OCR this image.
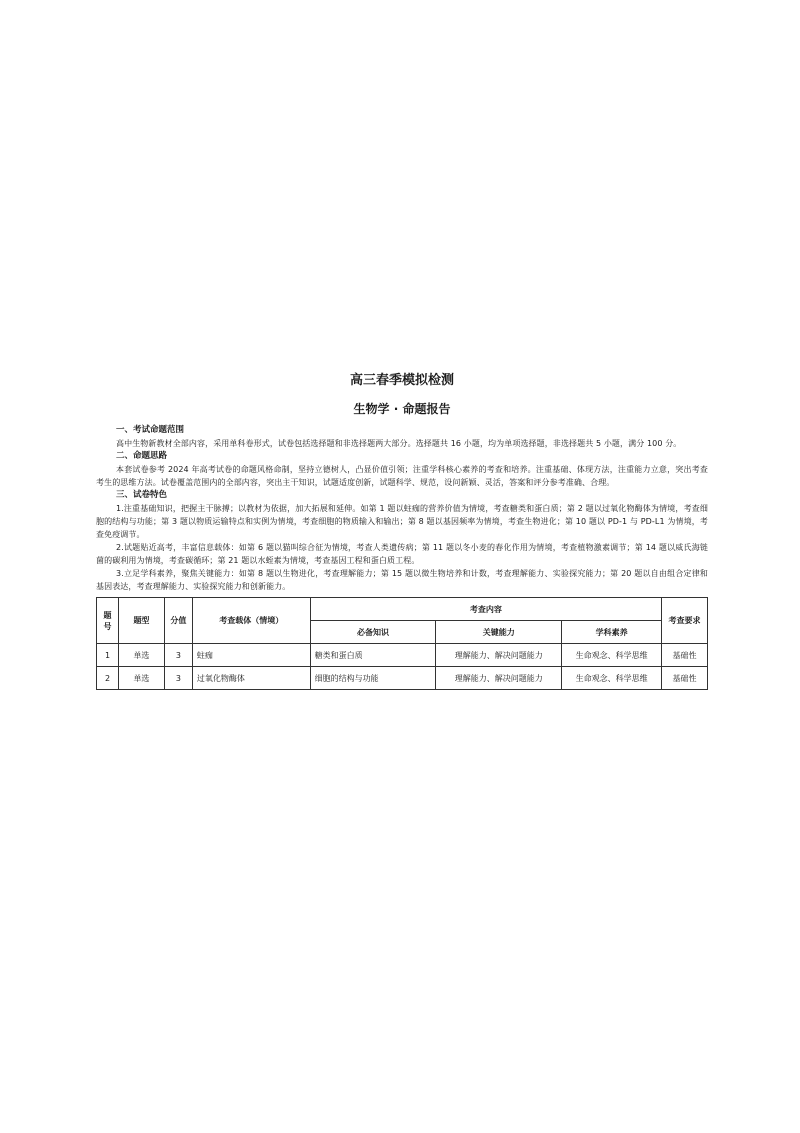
高三春季模拟检测
生物学 · 命题报告

一、考试命题范围

高中生物新教材全部内容，采用单科卷形式，试卷包括选择题和非选择题两大部分。选择题共 16 小题，均为单项选择题，非选择题共 5 小题，满分 100 分。

二、命题思路

本套试卷参考 2024 年高考试卷的命题风格命制，坚持立德树人，凸显价值引领；注重学科核心素养的考查和培养。注重基础、体现方法，注重能力立意，突出考查考生的思维方法。试卷覆盖范围内的全部内容，突出主干知识，试题适度创新，试题科学、规范，设问新颖、灵活，答案和评分参考准确、合理。

三、试卷特色

1.注重基础知识，把握主干脉搏；以教材为依据，加大拓展和延伸。如第 1 题以蛀痂的营养价值为情境，考查糖类和蛋白质；第 2 题以过氧化物酶体为情境，考查细胞的结构与功能；第 3 题以物质运输特点和实例为情境，考查细胞的物质输入和输出；第 8 题以基因频率为情境，考查生物进化；第 10 题以 PD-1 与 PD-L1 为情境，考查免疫调节。

2.试题贴近高考，丰富信息载体：如第 6 题以猫叫综合征为情境，考查人类遗传病；第 11 题以冬小麦的春化作用为情境，考查植物激素调节；第 14 题以威氏海链菌的碳利用为情境，考查碳循环；第 21 题以水蛭素为情境，考查基因工程和蛋白质工程。

3.立足学科素养，聚焦关键能力：如第 8 题以生物进化，考查理解能力；第 15 题以微生物培养和计数，考查理解能力、实验探究能力；第 20 题以自由组合定律和基因表达，考查理解能力、实验探究能力和创新能力。

题号	题型	分值	考查载体（情境）	考查内容			考查要求
				必备知识	关键能力	学科素养	
1	单选	3	蛀痂	糖类和蛋白质	理解能力、解决问题能力	生命观念、科学思维	基础性
2	单选	3	过氧化物酶体	细胞的结构与功能	理解能力、解决问题能力	生命观念、科学思维	基础性
